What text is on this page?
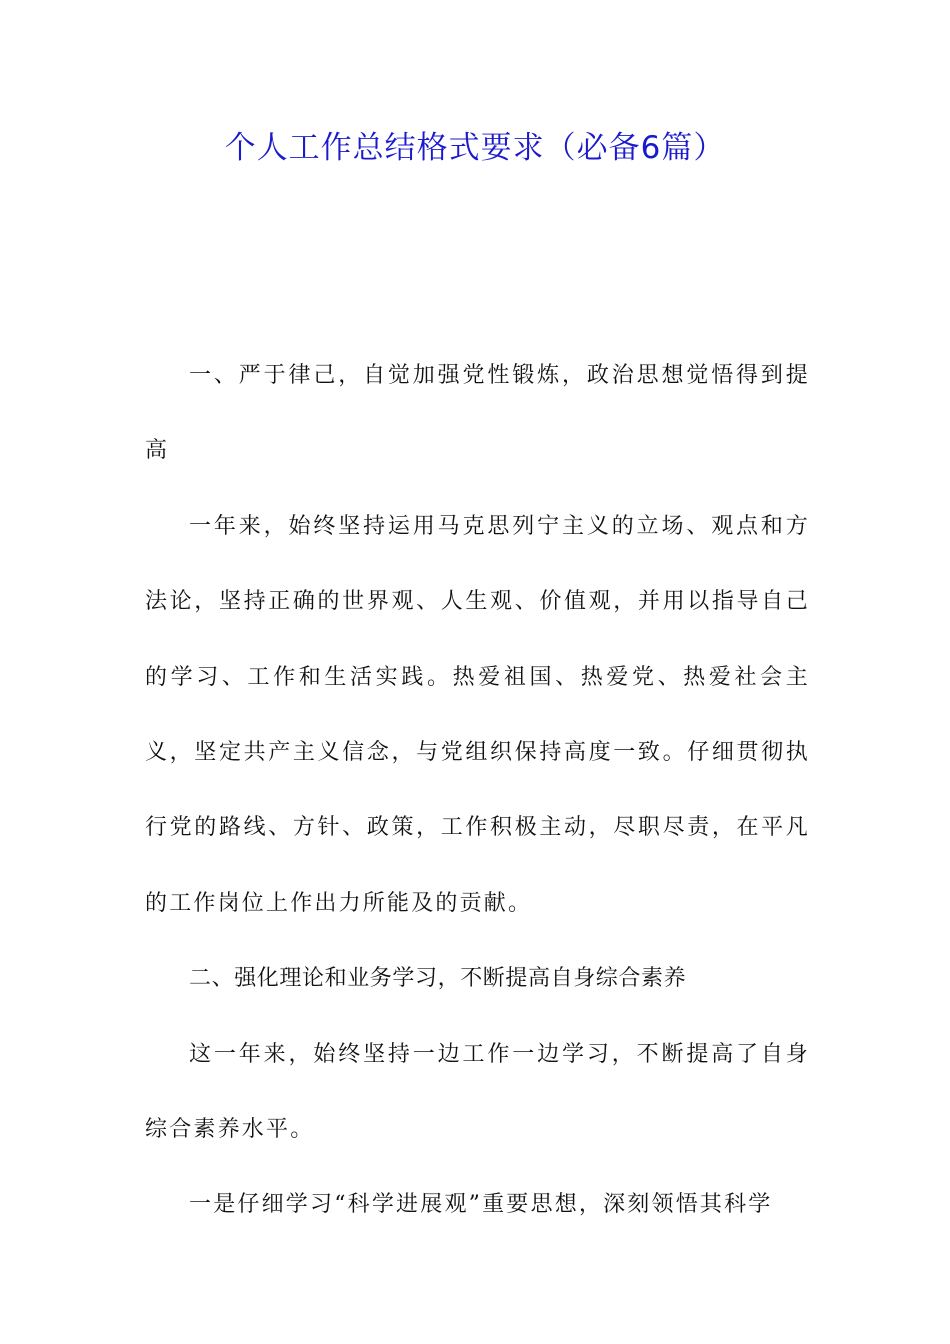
个人工作总结格式要求（必备6篇）

一、严于律己，自觉加强党性锻炼，政治思想觉悟得到提高

一年来，始终坚持运用马克思列宁主义的立场、观点和方法论，坚持正确的世界观、人生观、价值观，并用以指导自己的学习、工作和生活实践。热爱祖国、热爱党、热爱社会主义，坚定共产主义信念，与党组织保持高度一致。仔细贯彻执行党的路线、方针、政策，工作积极主动，尽职尽责，在平凡的工作岗位上作出力所能及的贡献。

二、强化理论和业务学习，不断提高自身综合素养

这一年来，始终坚持一边工作一边学习，不断提高了自身综合素养水平。

一是仔细学习“科学进展观”重要思想，深刻领悟其科学
